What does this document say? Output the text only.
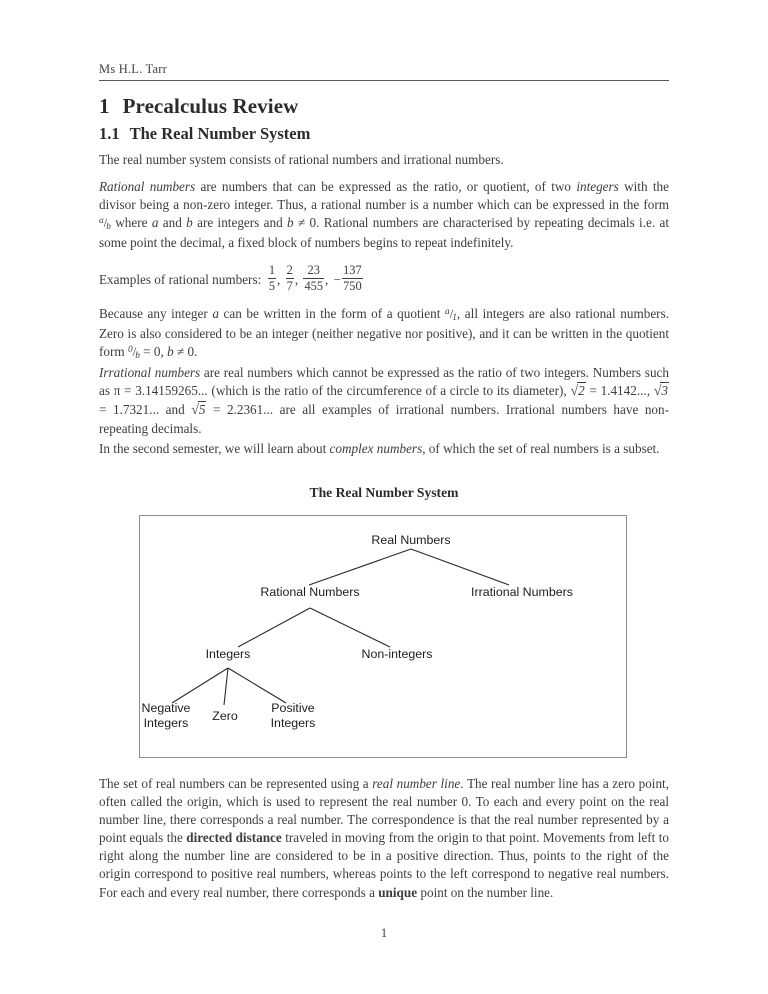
Ms H.L. Tarr
1 Precalculus Review
1.1 The Real Number System
The real number system consists of rational numbers and irrational numbers.
Rational numbers are numbers that can be expressed as the ratio, or quotient, of two integers with the divisor being a non-zero integer. Thus, a rational number is a number which can be expressed in the form $^a$/b where a and b are integers and b ≠ 0. Rational numbers are characterised by repeating decimals i.e. at some point the decimal, a fixed block of numbers begins to repeat indefinitely.
Examples of rational numbers: $\frac{1}{5}$ , $\frac{2}{7}$ , $\frac{23}{455}$ , − $\frac{137}{750}$
Because any integer a can be written in the form of a quotient $^a$/1, all integers are also rational numbers. Zero is also considered to be an integer (neither negative nor positive), and it can be written in the quotient form $^0$/b = 0, b ≠ 0.
Irrational numbers are real numbers which cannot be expressed as the ratio of two integers. Numbers such as π = 3.14159265... (which is the ratio of the circumference of a circle to its diameter), √2 = 1.4142..., √3 = 1.7321... and √5 = 2.2361... are all examples of irrational numbers. Irrational numbers have non-repeating decimals.
In the second semester, we will learn about complex numbers, of which the set of real numbers is a subset.
The Real Number System
Real Numbers
Rational Numbers	Irrational Numbers
Integers	Non-integers
Negative
Integers Zero
Positive
Integers
The set of real numbers can be represented using a real number line. The real number line has a zero point, often called the origin, which is used to represent the real number 0. To each and every point on the real number line, there corresponds a real number. The correspondence is that the real number represented by a point equals the directed distance traveled in moving from the origin to that point. Movements from left to right along the number line are considered to be in a positive direction. Thus, points to the right of the origin correspond to positive real numbers, whereas points to the left correspond to negative real numbers. For each and every real number, there corresponds a unique point on the number line.
1
